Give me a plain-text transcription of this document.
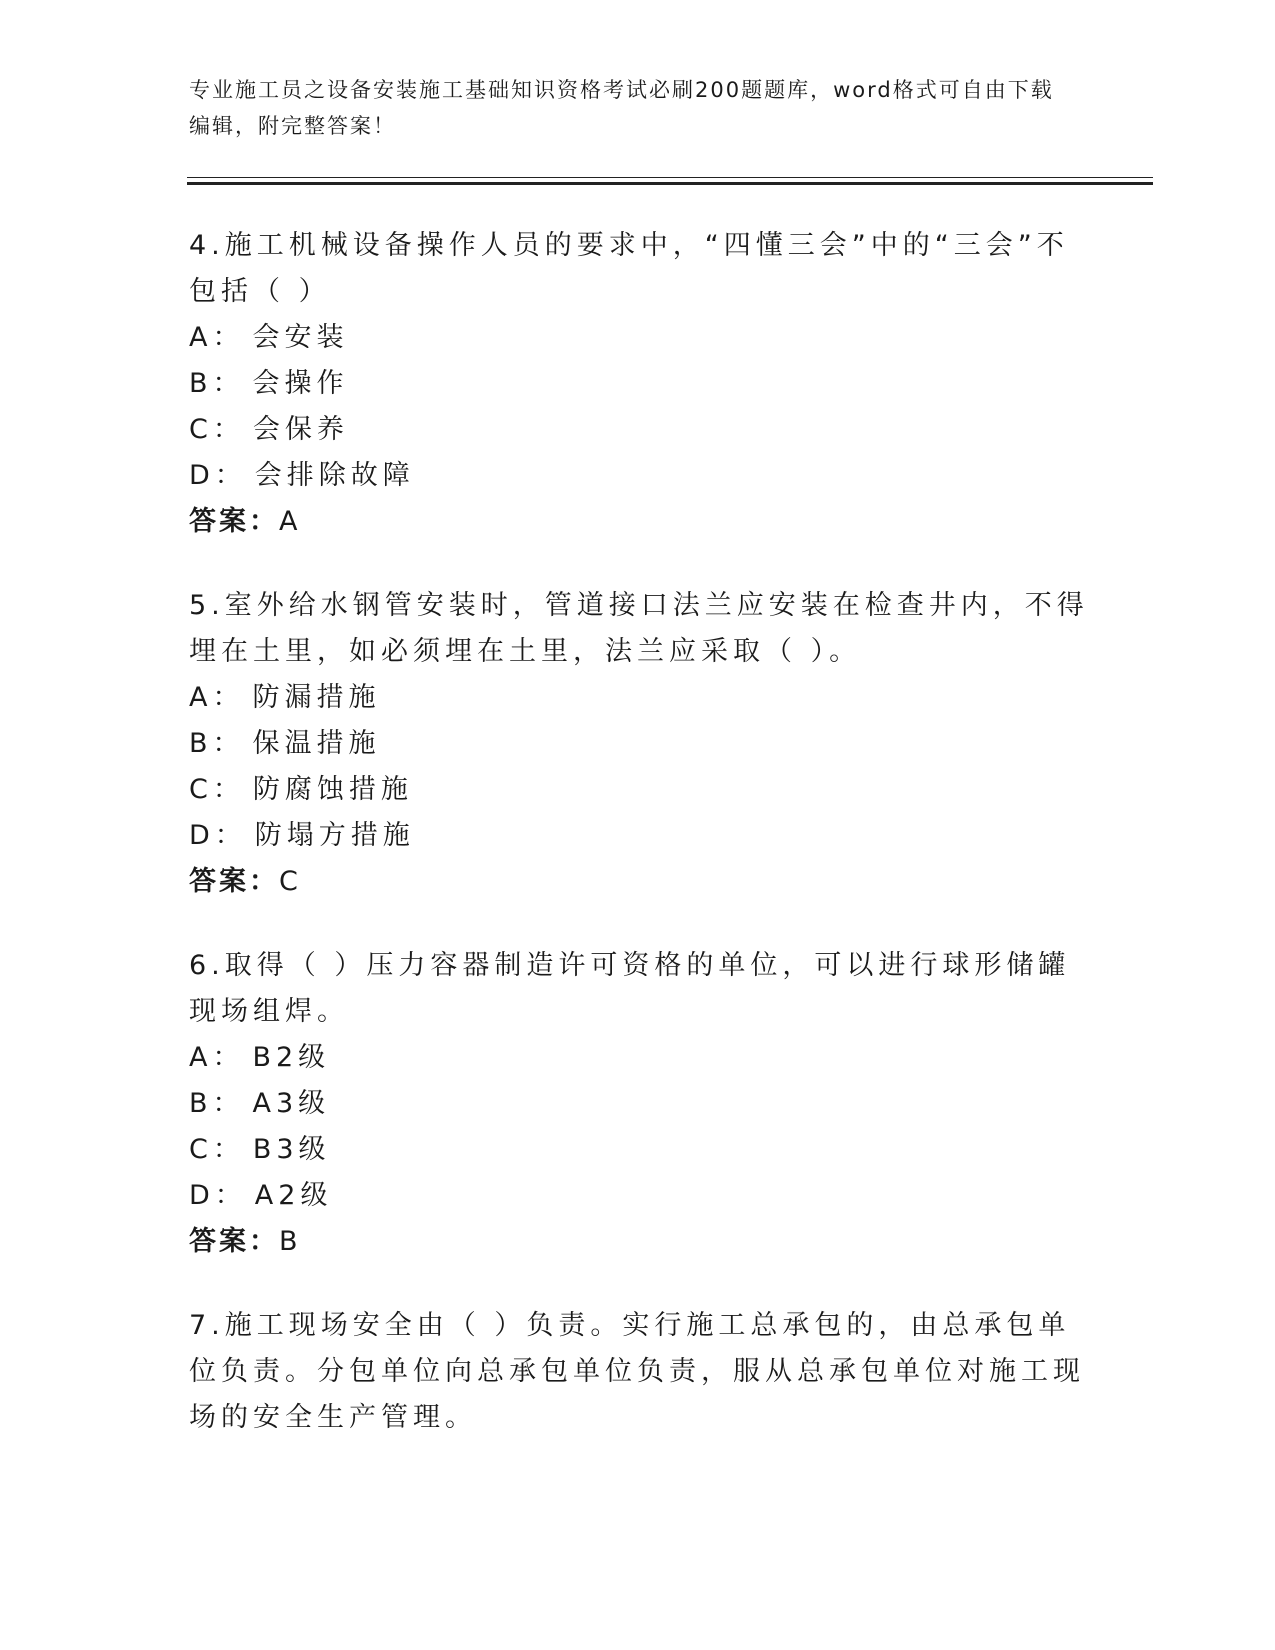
专业施工员之设备安装施工基础知识资格考试必刷200题题库，word格式可自由下载编辑，附完整答案！

4.施工机械设备操作人员的要求中，“四懂三会”中的“三会”不包括（ ）

A： 会安装

B： 会操作

C： 会保养

D： 会排除故障

答案：A

5.室外给水钢管安装时，管道接口法兰应安装在检查井内，不得埋在土里，如必须埋在土里，法兰应采取（ ）。

A： 防漏措施

B： 保温措施

C： 防腐蚀措施

D： 防塌方措施

答案：C

6.取得（ ）压力容器制造许可资格的单位，可以进行球形储罐现场组焊。

A： B2级

B： A3级

C： B3级

D： A2级

答案：B

7.施工现场安全由（ ）负责。实行施工总承包的，由总承包单位负责。分包单位向总承包单位负责，服从总承包单位对施工现场的安全生产管理。
